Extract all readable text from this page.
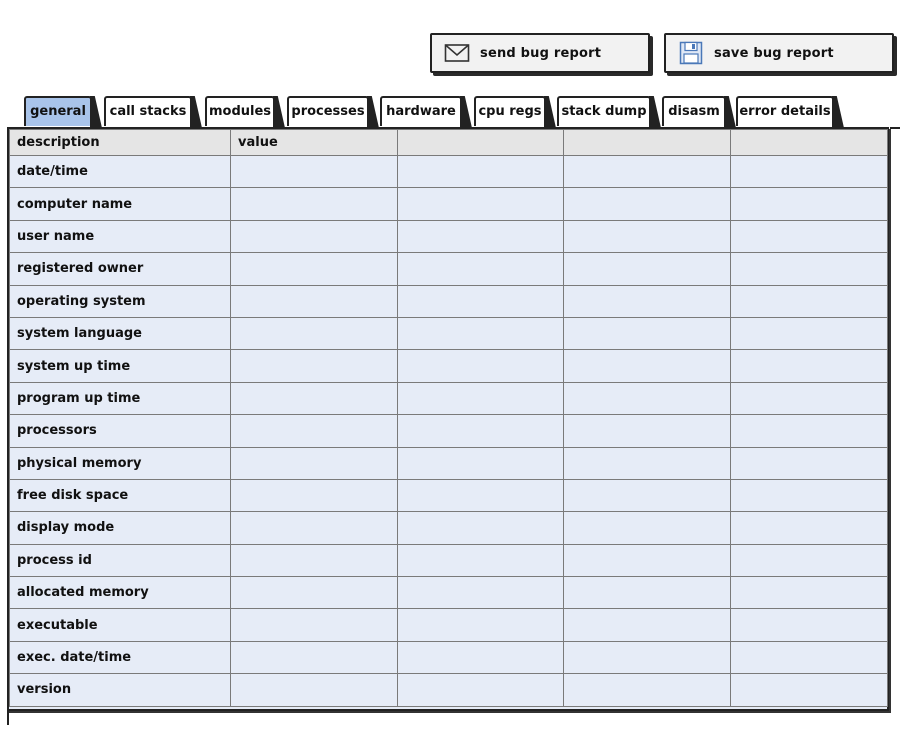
send bug report	save bug report
general	call stacks	modules	processes	hardware	cpu regs	stack dump	disasm	error details
description	value			
date/time				
computer name				
user name				
registered owner				
operating system				
system language				
system up time				
program up time				
processors				
physical memory				
free disk space				
display mode				
process id				
allocated memory				
executable				
exec. date/time				
version				
